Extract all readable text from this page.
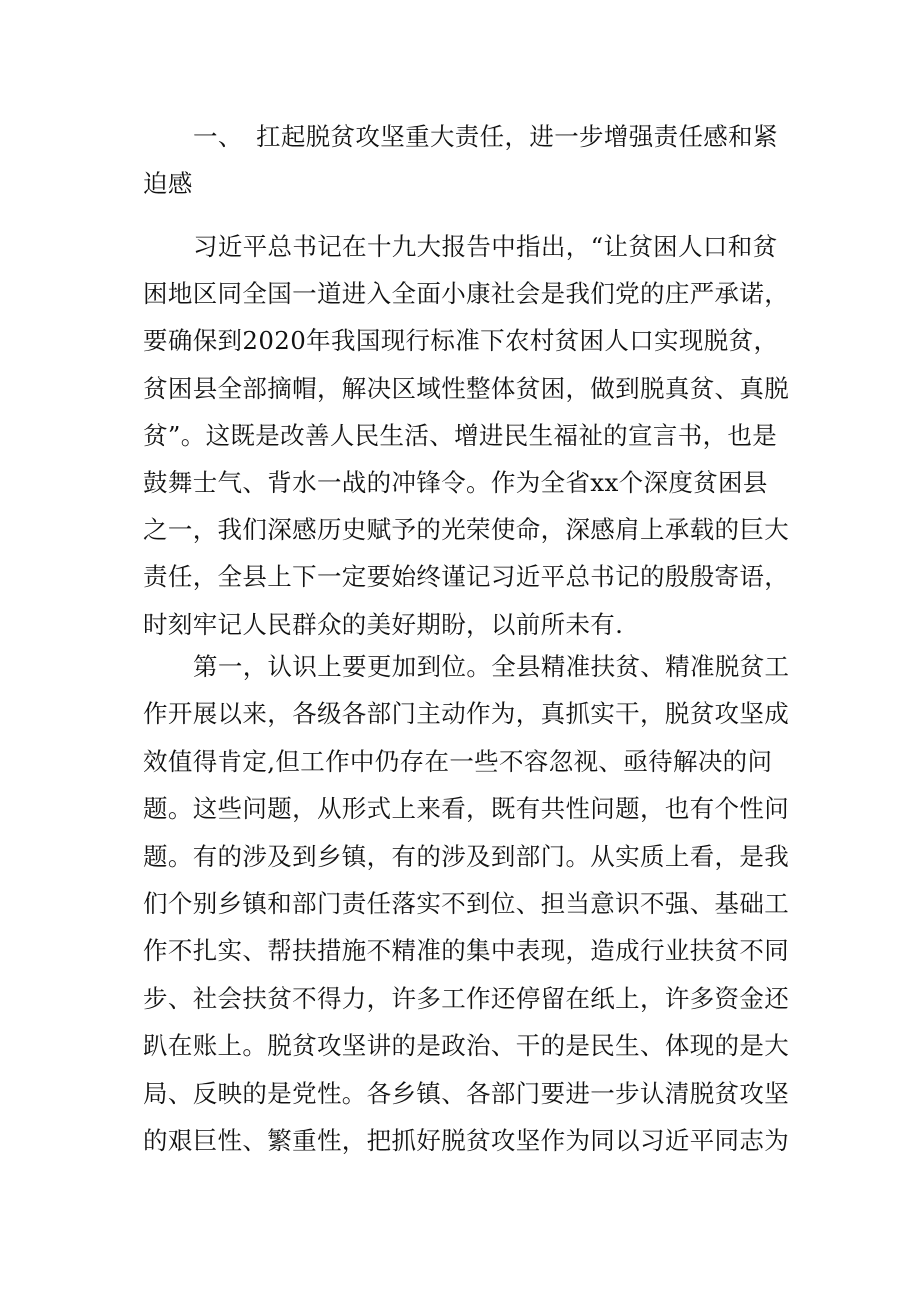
一、 扛起脱贫攻坚重大责任，进一步增强责任感和紧
迫感
习近平总书记在十九大报告中指出，“让贫困人口和贫
困地区同全国一道进入全面小康社会是我们党的庄严承诺，
要确保到2020年我国现行标准下农村贫困人口实现脱贫，
贫困县全部摘帽，解决区域性整体贫困，做到脱真贫、真脱
贫”。这既是改善人民生活、增进民生福祉的宣言书，也是
鼓舞士气、背水一战的冲锋令。作为全省xx个深度贫困县
之一，我们深感历史赋予的光荣使命，深感肩上承载的巨大
责任，全县上下一定要始终谨记习近平总书记的殷殷寄语，
时刻牢记人民群众的美好期盼，以前所未有.
第一，认识上要更加到位。全县精准扶贫、精准脱贫工
作开展以来，各级各部门主动作为，真抓实干，脱贫攻坚成
效值得肯定,但工作中仍存在一些不容忽视、亟待解决的问
题。这些问题，从形式上来看，既有共性问题，也有个性问
题。有的涉及到乡镇，有的涉及到部门。从实质上看，是我
们个别乡镇和部门责任落实不到位、担当意识不强、基础工
作不扎实、帮扶措施不精准的集中表现，造成行业扶贫不同
步、社会扶贫不得力，许多工作还停留在纸上，许多资金还
趴在账上。脱贫攻坚讲的是政治、干的是民生、体现的是大
局、反映的是党性。各乡镇、各部门要进一步认清脱贫攻坚
的艰巨性、繁重性，把抓好脱贫攻坚作为同以习近平同志为
